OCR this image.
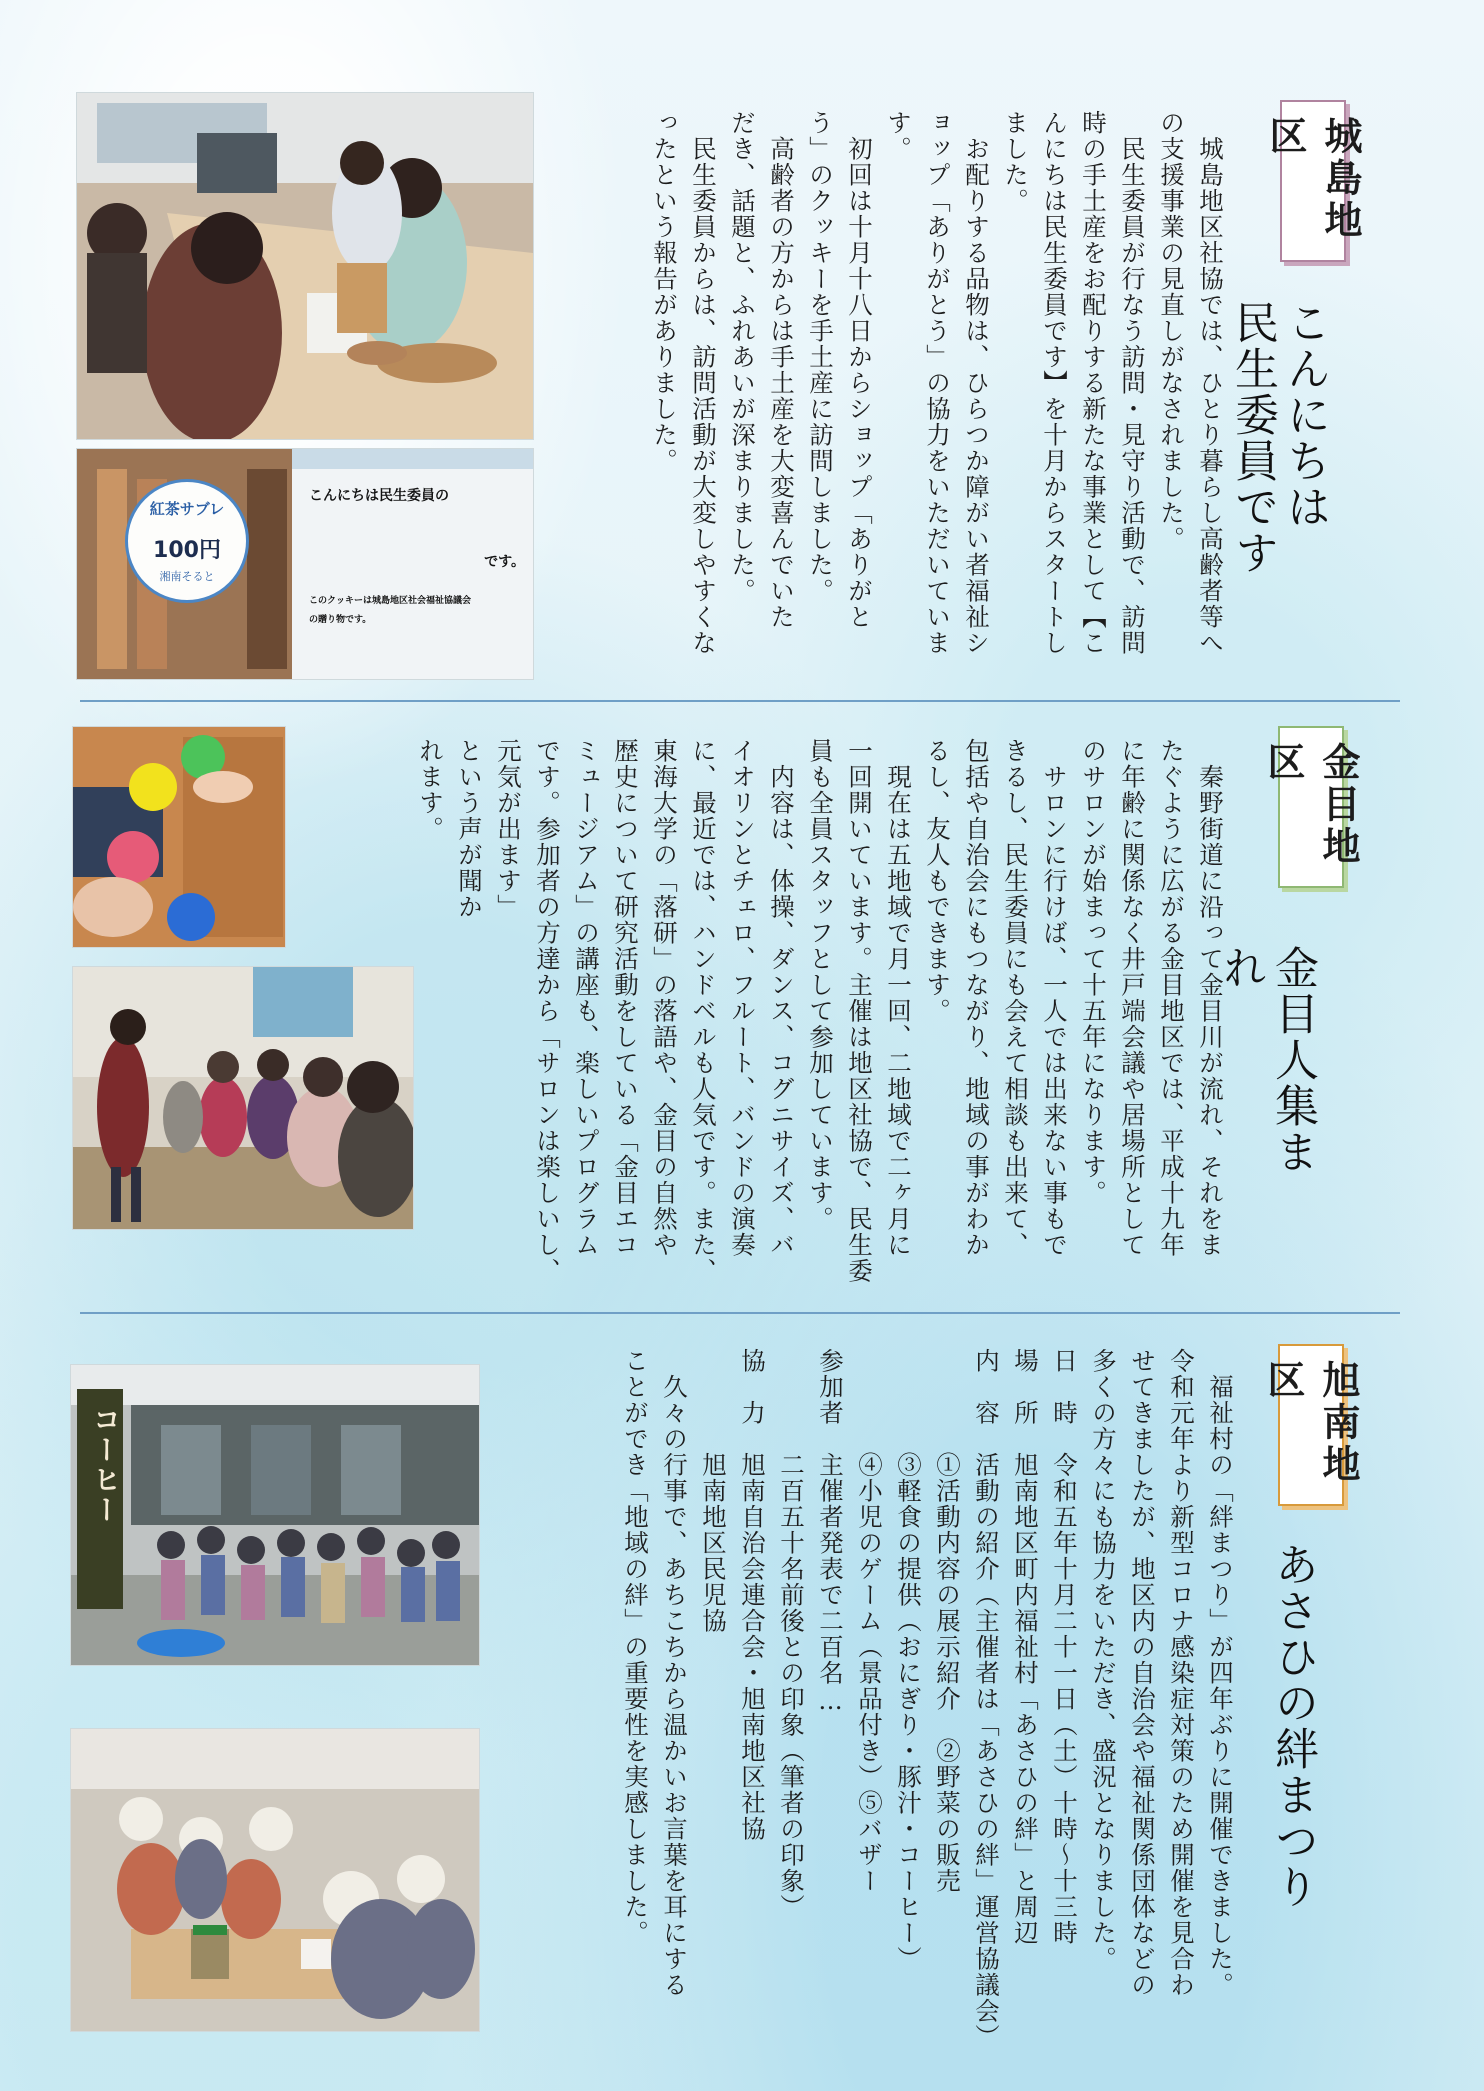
城島地区
こんにちは
民生委員です
　城島地区社協では、ひとり暮らし高齢者等へ
の支援事業の見直しがなされました。
　民生委員が行なう訪問・見守り活動で、訪問
時の手土産をお配りする新たな事業として【こ
んにちは民生委員です】を十月からスタートし
ました。
　お配りする品物は、ひらつか障がい者福祉シ
ョップ「ありがとう」の協力をいただいていま
す。
　初回は十月十八日からショップ「ありがと
う」のクッキーを手土産に訪問しました。
　高齢者の方からは手土産を大変喜んでいた
だき、話題と、ふれあいが深まりました。
　民生委員からは、訪問活動が大変しやすくな
ったという報告がありました。
紅茶サブレ
100円
湘南そると
こんにちは民生委員の
です。
このクッキーは城島地区社会福祉協議会
の贈り物です。
金目地区
金目人集まれ
　秦野街道に沿って金目川が流れ、それをま
たぐように広がる金目地区では、平成十九年
に年齢に関係なく井戸端会議や居場所として
のサロンが始まって十五年になります。
　サロンに行けば、一人では出来ない事もで
きるし、民生委員にも会えて相談も出来て、
包括や自治会にもつながり、地域の事がわか
るし、友人もできます。
　現在は五地域で月一回、二地域で二ヶ月に
一回開いています。主催は地区社協で、民生委
員も全員スタッフとして参加しています。
　内容は、体操、ダンス、コグニサイズ、バ
イオリンとチェロ、フルート、バンドの演奏
に、最近では、ハンドベルも人気です。また、
東海大学の「落研」の落語や、金目の自然や
歴史について研究活動をしている「金目エコ
ミュージアム」の講座も、楽しいプログラム
です。参加者の方達から「サロンは楽しいし、
元気が出ます」
という声が聞か
れます。
旭南地区
あさひの絆まつり
　福祉村の「絆まつり」が四年ぶりに開催できました。
令和元年より新型コロナ感染症対策のため開催を見合わ
せてきましたが、地区内の自治会や福祉関係団体などの
多くの方々にも協力をいただき、盛況となりました。
日　時　令和五年十月二十一日（土）十時〜十三時
場　所　旭南地区町内福祉村「あさひの絆」と周辺
内　容　活動の紹介（主催者は「あさひの絆」運営協議会）
　　　　①活動内容の展示紹介　②野菜の販売
　　　　③軽食の提供（おにぎり・豚汁・コーヒー）
　　　　④小児のゲーム（景品付き）⑤バザー
参加者　主催者発表で二百名…
　　　　二百五十名前後との印象（筆者の印象）
協　力　旭南自治会連合会・旭南地区社協
　　　　旭南地区民児協
　久々の行事で、あちこちから温かいお言葉を耳にする
ことができ「地域の絆」の重要性を実感しました。
コーヒー
